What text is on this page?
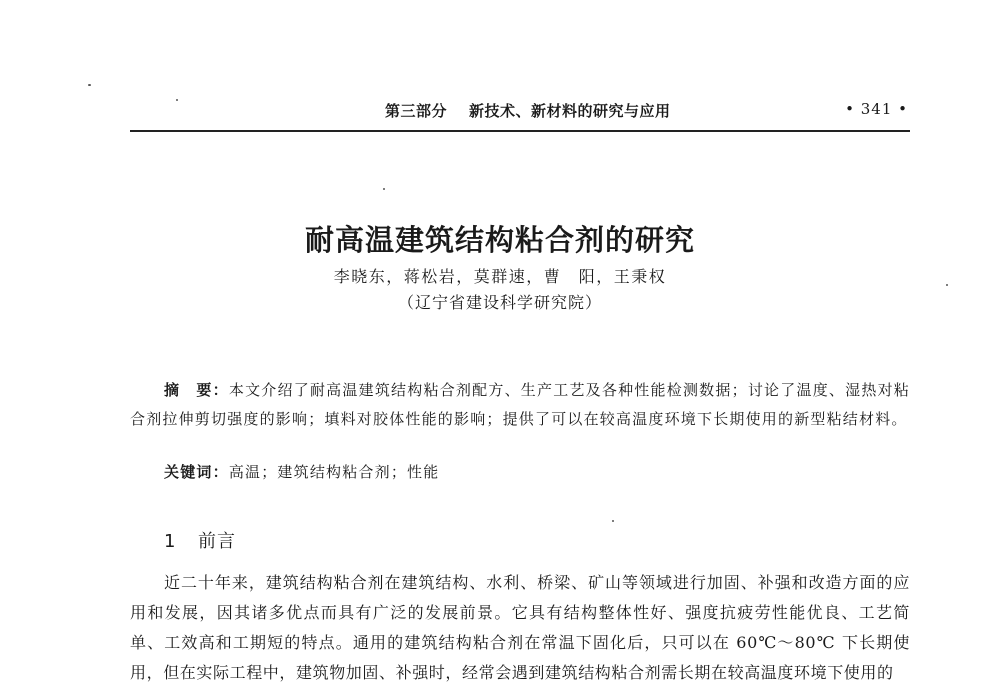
第三部分 新技术、新材料的研究与应用	• 341 •
耐高温建筑结构粘合剂的研究
李晓东，蒋松岩，莫群速，曹　阳，王秉权
（辽宁省建设科学研究院）
摘　要：本文介绍了耐高温建筑结构粘合剂配方、生产工艺及各种性能检测数据；讨论了温度、湿热对粘合剂拉伸剪切强度的影响；填料对胶体性能的影响；提供了可以在较高温度环境下长期使用的新型粘结材料。
关键词：高温；建筑结构粘合剂；性能
1 前言
近二十年来，建筑结构粘合剂在建筑结构、水利、桥梁、矿山等领域进行加固、补强和改造方面的应用和发展，因其诸多优点而具有广泛的发展前景。它具有结构整体性好、强度抗疲劳性能优良、工艺简单、工效高和工期短的特点。通用的建筑结构粘合剂在常温下固化后，只可以在 60℃～80℃ 下长期使用，但在实际工程中，建筑物加固、补强时，经常会遇到建筑结构粘合剂需长期在较高温度环境下使用的
